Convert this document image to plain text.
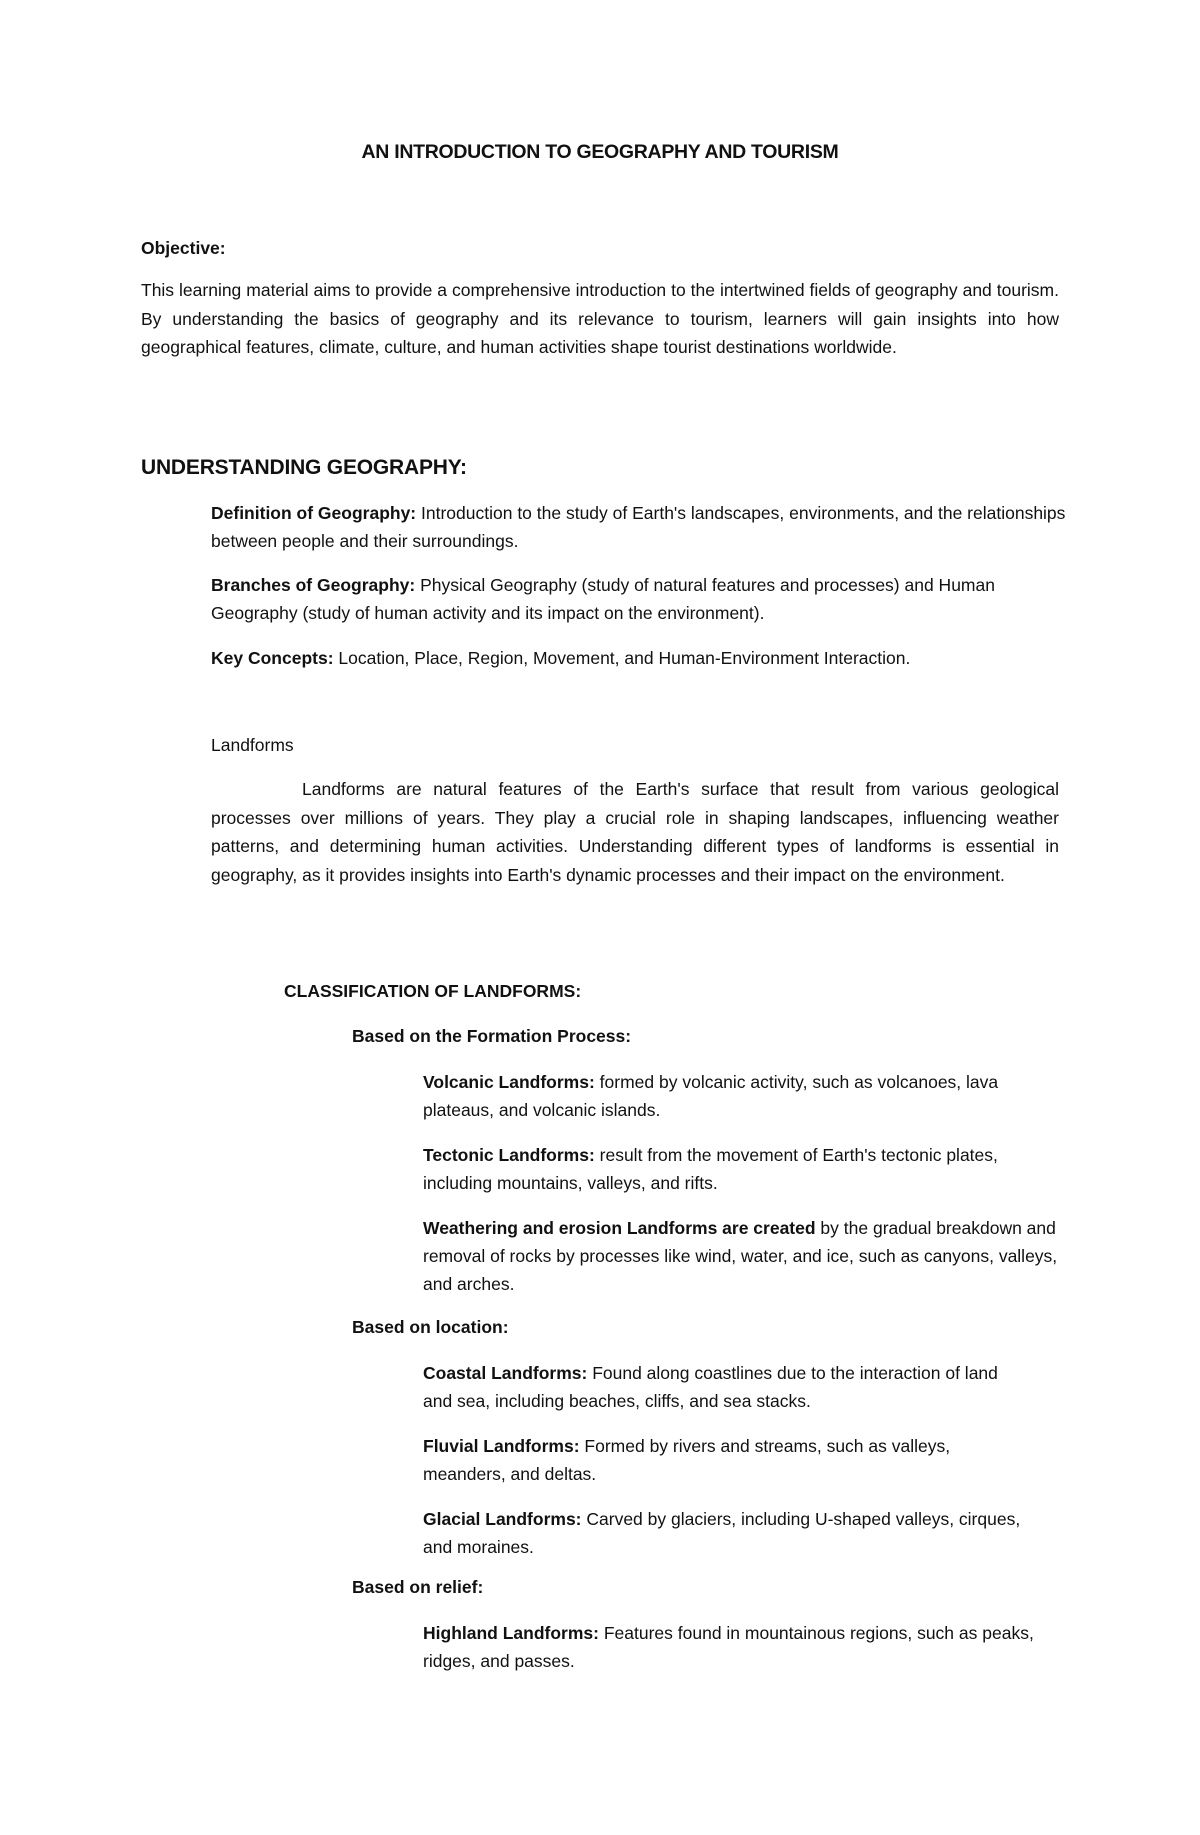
AN INTRODUCTION TO GEOGRAPHY AND TOURISM
Objective:

This learning material aims to provide a comprehensive introduction to the intertwined fields of geography and tourism. By understanding the basics of geography and its relevance to tourism, learners will gain insights into how geographical features, climate, culture, and human activities shape tourist destinations worldwide.

UNDERSTANDING GEOGRAPHY:

Definition of Geography: Introduction to the study of Earth's landscapes, environments, and the relationships between people and their surroundings.

Branches of Geography: Physical Geography (study of natural features and processes) and Human Geography (study of human activity and its impact on the environment).

Key Concepts: Location, Place, Region, Movement, and Human-Environment Interaction.

Landforms

Landforms are natural features of the Earth's surface that result from various geological processes over millions of years. They play a crucial role in shaping landscapes, influencing weather patterns, and determining human activities. Understanding different types of landforms is essential in geography, as it provides insights into Earth's dynamic processes and their impact on the environment.

CLASSIFICATION OF LANDFORMS:
Based on the Formation Process:

Volcanic Landforms: formed by volcanic activity, such as volcanoes, lava plateaus, and volcanic islands.

Tectonic Landforms: result from the movement of Earth's tectonic plates, including mountains, valleys, and rifts.

Weathering and erosion Landforms are created by the gradual breakdown and removal of rocks by processes like wind, water, and ice, such as canyons, valleys, and arches.

Based on location:

Coastal Landforms: Found along coastlines due to the interaction of land and sea, including beaches, cliffs, and sea stacks.

Fluvial Landforms: Formed by rivers and streams, such as valleys, meanders, and deltas.

Glacial Landforms: Carved by glaciers, including U-shaped valleys, cirques, and moraines.

Based on relief:

Highland Landforms: Features found in mountainous regions, such as peaks, ridges, and passes.
